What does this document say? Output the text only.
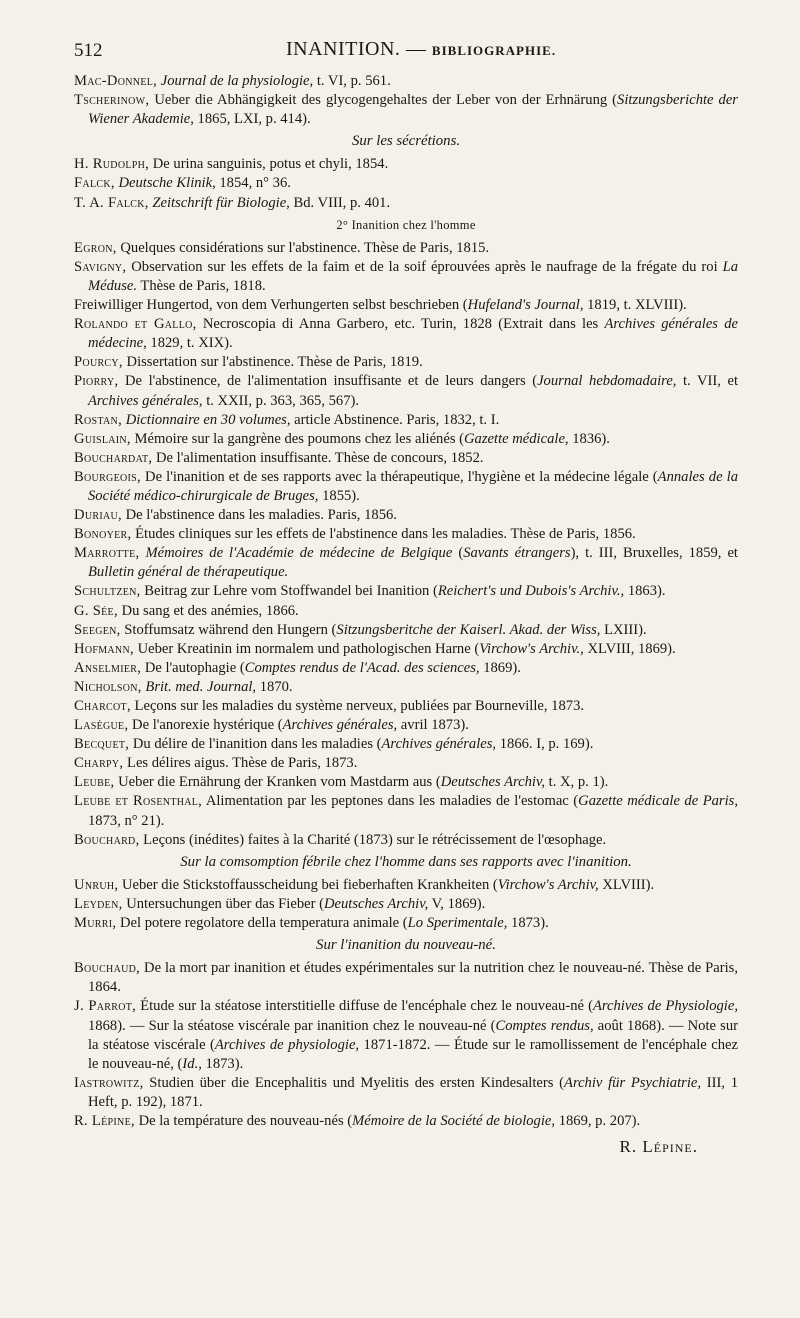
512	INANITION. — BIBLIOGRAPHIE.

Mac-Donnel, Journal de la physiologie, t. VI, p. 561.

Tscherinow, Ueber die Abhängigkeit des glycogengehaltes der Leber von der Erhnärung (Sitzungsberichte der Wiener Akademie, 1865, LXI, p. 414).

Sur les sécrétions.

H. Rudolph, De urina sanguinis, potus et chyli, 1854.

Falck, Deutsche Klinik, 1854, n° 36.

T. A. Falck, Zeitschrift für Biologie, Bd. VIII, p. 401.

2° Inanition chez l'homme

Egron, Quelques considérations sur l'abstinence. Thèse de Paris, 1815.

Savigny, Observation sur les effets de la faim et de la soif éprouvées après le naufrage de la frégate du roi La Méduse. Thèse de Paris, 1818.

Freiwilliger Hungertod, von dem Verhungerten selbst beschrieben (Hufeland's Journal, 1819, t. XLVIII).

Rolando et Gallo, Necroscopia di Anna Garbero, etc. Turin, 1828 (Extrait dans les Archives générales de médecine, 1829, t. XIX).

Pourcy, Dissertation sur l'abstinence. Thèse de Paris, 1819.

Piorry, De l'abstinence, de l'alimentation insuffisante et de leurs dangers (Journal hebdomadaire, t. VII, et Archives générales, t. XXII, p. 363, 365, 567).

Rostan, Dictionnaire en 30 volumes, article Abstinence. Paris, 1832, t. I.

Guislain, Mémoire sur la gangrène des poumons chez les aliénés (Gazette médicale, 1836).

Bouchardat, De l'alimentation insuffisante. Thèse de concours, 1852.

Bourgeois, De l'inanition et de ses rapports avec la thérapeutique, l'hygiène et la médecine légale (Annales de la Société médico-chirurgicale de Bruges, 1855).

Duriau, De l'abstinence dans les maladies. Paris, 1856.

Bonoyer, Études cliniques sur les effets de l'abstinence dans les maladies. Thèse de Paris, 1856.

Marrotte, Mémoires de l'Académie de médecine de Belgique (Savants étrangers), t. III, Bruxelles, 1859, et Bulletin général de thérapeutique.

Schultzen, Beitrag zur Lehre vom Stoffwandel bei Inanition (Reichert's und Dubois's Archiv., 1863).

G. Sée, Du sang et des anémies, 1866.

Seegen, Stoffumsatz während den Hungern (Sitzungsberitche der Kaiserl. Akad. der Wiss, LXIII).

Hofmann, Ueber Kreatinin im normalem und pathologischen Harne (Virchow's Archiv., XLVIII, 1869).

Anselmier, De l'autophagie (Comptes rendus de l'Acad. des sciences, 1869).

Nicholson, Brit. med. Journal, 1870.

Charcot, Leçons sur les maladies du système nerveux, publiées par Bourneville, 1873.

Lasègue, De l'anorexie hystérique (Archives générales, avril 1873).

Becquet, Du délire de l'inanition dans les maladies (Archives générales, 1866. I, p. 169).

Charpy, Les délires aigus. Thèse de Paris, 1873.

Leube, Ueber die Ernährung der Kranken vom Mastdarm aus (Deutsches Archiv, t. X, p. 1).

Leube et Rosenthal, Alimentation par les peptones dans les maladies de l'estomac (Gazette médicale de Paris, 1873, n° 21).

Bouchard, Leçons (inédites) faites à la Charité (1873) sur le rétrécissement de l'œsophage.

Sur la comsomption fébrile chez l'homme dans ses rapports avec l'inanition.

Unruh, Ueber die Stickstoffausscheidung bei fieberhaften Krankheiten (Virchow's Archiv, XLVIII).

Leyden, Untersuchungen über das Fieber (Deutsches Archiv, V, 1869).

Murri, Del potere regolatore della temperatura animale (Lo Sperimentale, 1873).

Sur l'inanition du nouveau-né.

Bouchaud, De la mort par inanition et études expérimentales sur la nutrition chez le nouveau-né. Thèse de Paris, 1864.

J. Parrot, Étude sur la stéatose interstitielle diffuse de l'encéphale chez le nouveau-né (Archives de Physiologie, 1868). — Sur la stéatose viscérale par inanition chez le nouveau-né (Comptes rendus, août 1868). — Note sur la stéatose viscérale (Archives de physiologie, 1871-1872. — Étude sur le ramollissement de l'encéphale chez le nouveau-né, (Id., 1873).

Iastrowitz, Studien über die Encephalitis und Myelitis des ersten Kindesalters (Archiv für Psychiatrie, III, 1 Heft, p. 192), 1871.

R. Lépine, De la température des nouveau-nés (Mémoire de la Société de biologie, 1869, p. 207).

R. Lépine.
